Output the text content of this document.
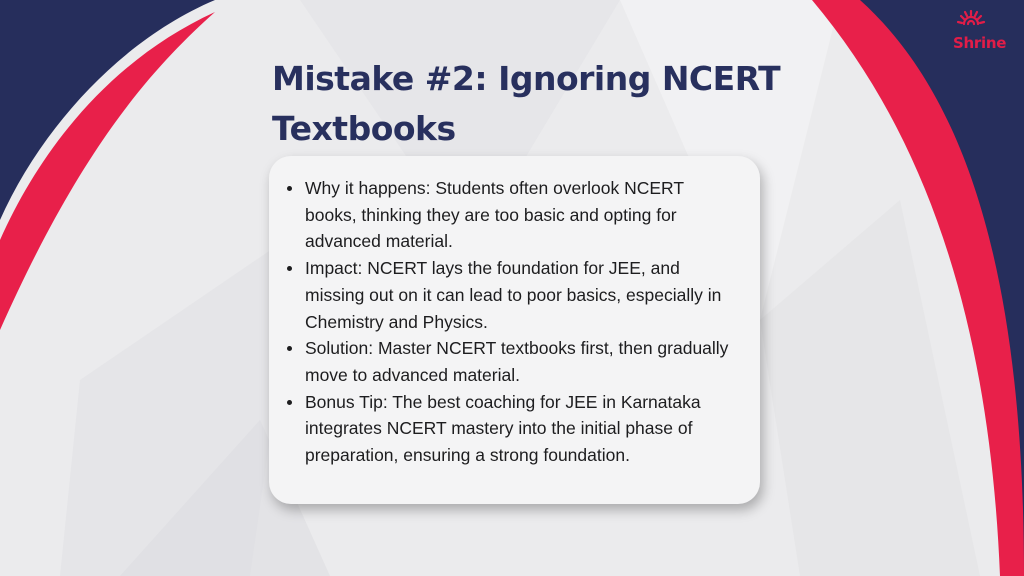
Mistake #2: Ignoring NCERT Textbooks
Why it happens: Students often overlook NCERT books, thinking they are too basic and opting for advanced material.
Impact: NCERT lays the foundation for JEE, and missing out on it can lead to poor basics, especially in Chemistry and Physics.
Solution: Master NCERT textbooks first, then gradually move to advanced material.
Bonus Tip: The best coaching for JEE in Karnataka integrates NCERT mastery into the initial phase of preparation, ensuring a strong foundation.
Shrine
